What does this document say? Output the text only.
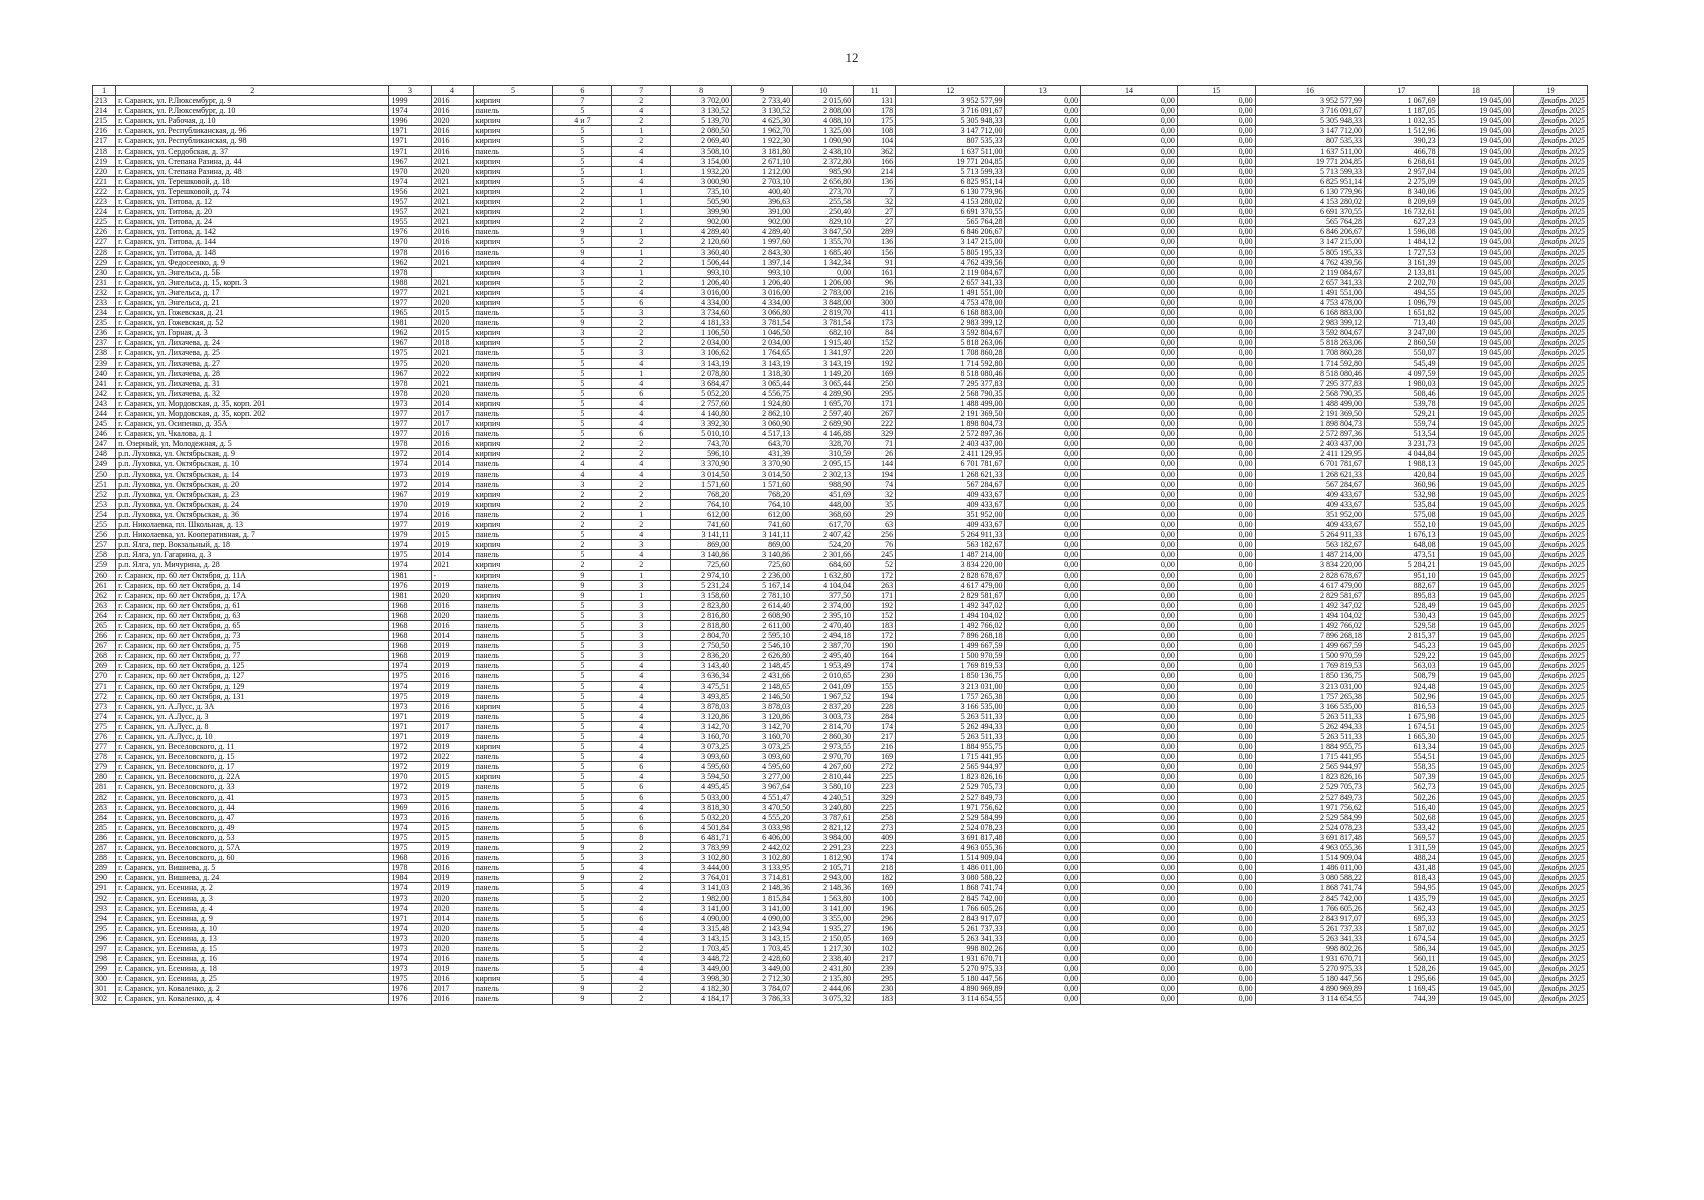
12
1	2	3	4	5	6	7	8	9	10	11	12	13	14	15	16	17	18	19
213	г. Саранск, ул. Р.Люксембург, д. 9	1999	2016	кирпич	7	2	3 702,00	2 733,40	2 015,60	131	3 952 577,99	0,00	0,00	0,00	3 952 577,99	1 067,69	19 045,00	Декабрь 2025
214	г. Саранск, ул. Р.Люксембург, д. 10	1974	2016	панель	5	4	3 130,52	3 130,52	2 808,00	178	3 716 091,67	0,00	0,00	0,00	3 716 091,67	1 187,05	19 045,00	Декабрь 2025
215	г. Саранск, ул. Рабочая, д. 10	1996	2020	кирпич	4 и 7	2	5 139,70	4 625,30	4 088,10	175	5 305 948,33	0,00	0,00	0,00	5 305 948,33	1 032,35	19 045,00	Декабрь 2025
216	г. Саранск, ул. Республиканская, д. 96	1971	2016	кирпич	5	1	2 080,50	1 962,70	1 325,00	108	3 147 712,00	0,00	0,00	0,00	3 147 712,00	1 512,96	19 045,00	Декабрь 2025
217	г. Саранск, ул. Республиканская, д. 98	1971	2016	кирпич	5	2	2 069,40	1 922,30	1 090,90	104	807 535,33	0,00	0,00	0,00	807 535,33	390,23	19 045,00	Декабрь 2025
218	г. Саранск, ул. Сердобская, д. 37	1971	2016	панель	5	4	3 508,10	3 181,80	2 438,10	362	1 637 511,00	0,00	0,00	0,00	1 637 511,00	466,78	19 045,00	Декабрь 2025
219	г. Саранск, ул. Степана Разина, д. 44	1967	2021	кирпич	5	4	3 154,00	2 671,10	2 372,80	166	19 771 204,85	0,00	0,00	0,00	19 771 204,85	6 268,61	19 045,00	Декабрь 2025
220	г. Саранск, ул. Степана Разина, д. 48	1970	2020	кирпич	5	1	1 932,20	1 212,00	985,90	214	5 713 599,33	0,00	0,00	0,00	5 713 599,33	2 957,04	19 045,00	Декабрь 2025
221	г. Саранск, ул. Терешковой, д. 18	1974	2021	кирпич	5	4	3 000,90	2 703,10	2 656,80	136	6 825 951,14	0,00	0,00	0,00	6 825 951,14	2 275,09	19 045,00	Декабрь 2025
222	г. Саранск, ул. Терешковой, д. 74	1956	2021	кирпич	2	1	735,10	400,40	273,70	7	6 130 779,96	0,00	0,00	0,00	6 130 779,96	8 340,06	19 045,00	Декабрь 2025
223	г. Саранск, ул. Титова, д. 12	1957	2021	кирпич	2	1	505,90	396,63	255,58	32	4 153 280,02	0,00	0,00	0,00	4 153 280,02	8 209,69	19 045,00	Декабрь 2025
224	г. Саранск, ул. Титова, д. 20	1957	2021	кирпич	2	1	399,90	391,00	250,40	27	6 691 370,55	0,00	0,00	0,00	6 691 370,55	16 732,61	19 045,00	Декабрь 2025
225	г. Саранск, ул. Титова, д. 24	1955	2021	кирпич	2	2	902,00	902,00	829,10	27	565 764,28	0,00	0,00	0,00	565 764,28	627,23	19 045,00	Декабрь 2025
226	г. Саранск, ул. Титова, д. 142	1976	2016	панель	9	1	4 289,40	4 289,40	3 847,50	289	6 846 206,67	0,00	0,00	0,00	6 846 206,67	1 596,08	19 045,00	Декабрь 2025
227	г. Саранск, ул. Титова, д. 144	1970	2016	кирпич	5	2	2 120,60	1 997,60	1 355,70	136	3 147 215,00	0,00	0,00	0,00	3 147 215,00	1 484,12	19 045,00	Декабрь 2025
228	г. Саранск, ул. Титова, д. 148	1978	2016	панель	9	1	3 360,40	2 843,30	1 685,40	156	5 805 195,33	0,00	0,00	0,00	5 805 195,33	1 727,53	19 045,00	Декабрь 2025
229	г. Саранск, ул. Федосеенко, д. 9	1962	2021	кирпич	4	2	1 506,44	1 397,14	1 342,34	91	4 762 439,56	0,00	0,00	0,00	4 762 439,56	3 161,39	19 045,00	Декабрь 2025
230	г. Саранск, ул. Энгельса, д. 5Б	1978		кирпич	3	1	993,10	993,10	0,00	161	2 119 084,67	0,00	0,00	0,00	2 119 084,67	2 133,81	19 045,00	Декабрь 2025
231	г. Саранск, ул. Энгельса, д. 15, корп. 3	1988	2021	кирпич	5	2	1 206,40	1 206,40	1 206,00	96	2 657 341,33	0,00	0,00	0,00	2 657 341,33	2 202,70	19 045,00	Декабрь 2025
232	г. Саранск, ул. Энгельса, д. 17	1977	2021	кирпич	5	4	3 016,00	3 016,00	2 783,00	216	1 491 551,00	0,00	0,00	0,00	1 491 551,00	494,55	19 045,00	Декабрь 2025
233	г. Саранск, ул. Энгельса, д. 21	1977	2020	кирпич	5	6	4 334,00	4 334,00	3 848,00	300	4 753 478,00	0,00	0,00	0,00	4 753 478,00	1 096,79	19 045,00	Декабрь 2025
234	г. Саранск, ул. Гожевская, д. 21	1965	2015	панель	5	3	3 734,60	3 066,80	2 819,70	411	6 168 883,00	0,00	0,00	0,00	6 168 883,00	1 651,82	19 045,00	Декабрь 2025
235	г. Саранск, ул. Гожевская, д. 52	1981	2020	панель	9	2	4 181,33	3 781,54	3 781,54	173	2 983 399,12	0,00	0,00	0,00	2 983 399,12	713,40	19 045,00	Декабрь 2025
236	г. Саранск, ул. Горная, д. 3	1962	2015	кирпич	3	2	1 106,50	1 046,50	682,10	84	3 592 804,67	0,00	0,00	0,00	3 592 804,67	3 247,00	19 045,00	Декабрь 2025
237	г. Саранск, ул. Лихачева, д. 24	1967	2018	кирпич	5	2	2 034,00	2 034,00	1 915,40	152	5 818 263,06	0,00	0,00	0,00	5 818 263,06	2 860,50	19 045,00	Декабрь 2025
238	г. Саранск, ул. Лихачева, д. 25	1975	2021	панель	5	3	3 106,62	1 764,65	1 341,97	220	1 708 860,28	0,00	0,00	0,00	1 708 860,28	550,07	19 045,00	Декабрь 2025
239	г. Саранск, ул. Лихачева, д. 27	1975	2020	панель	5	4	3 143,19	3 143,19	3 143,19	192	1 714 592,80	0,00	0,00	0,00	1 714 592,80	545,49	19 045,00	Декабрь 2025
240	г. Саранск, ул. Лихачева, д. 28	1967	2022	кирпич	5	1	2 078,80	1 318,30	1 149,20	169	8 518 080,46	0,00	0,00	0,00	8 518 080,46	4 097,59	19 045,00	Декабрь 2025
241	г. Саранск, ул. Лихачева, д. 31	1978	2021	панель	5	4	3 684,47	3 065,44	3 065,44	250	7 295 377,83	0,00	0,00	0,00	7 295 377,83	1 980,03	19 045,00	Декабрь 2025
242	г. Саранск, ул. Лихачева, д. 32	1978	2020	панель	5	6	5 052,20	4 556,75	4 289,90	295	2 568 790,35	0,00	0,00	0,00	2 568 790,35	508,46	19 045,00	Декабрь 2025
243	г. Саранск, ул. Мордовская, д. 35, корп. 201	1973	2014	кирпич	5	4	2 757,60	1 924,80	1 695,70	171	1 488 499,00	0,00	0,00	0,00	1 488 499,00	539,78	19 045,00	Декабрь 2025
244	г. Саранск, ул. Мордовская, д. 35, корп. 202	1977	2017	панель	5	4	4 140,80	2 862,10	2 597,40	267	2 191 369,50	0,00	0,00	0,00	2 191 369,50	529,21	19 045,00	Декабрь 2025
245	г. Саранск, ул. Осипенко, д. 35А	1977	2017	кирпич	5	4	3 392,30	3 060,90	2 689,90	222	1 898 804,73	0,00	0,00	0,00	1 898 804,73	559,74	19 045,00	Декабрь 2025
246	г. Саранск, ул. Чкалова, д. 1	1977	2016	панель	5	6	5 010,10	4 517,13	4 146,88	329	2 572 897,36	0,00	0,00	0,00	2 572 897,36	513,54	19 045,00	Декабрь 2025
247	п. Озерный, ул. Молодежная, д. 5	1978	2016	кирпич	2	2	743,70	643,70	328,70	71	2 403 437,00	0,00	0,00	0,00	2 403 437,00	3 231,73	19 045,00	Декабрь 2025
248	р.п. Луховка, ул. Октябрьская, д. 9	1972	2014	кирпич	2	2	596,10	431,39	310,59	26	2 411 129,95	0,00	0,00	0,00	2 411 129,95	4 044,84	19 045,00	Декабрь 2025
249	р.п. Луховка, ул. Октябрьская, д. 10	1974	2014	панель	4	4	3 370,90	3 370,90	2 095,15	144	6 701 781,67	0,00	0,00	0,00	6 701 781,67	1 988,13	19 045,00	Декабрь 2025
250	р.п. Луховка, ул. Октябрьская, д. 14	1973	2019	панель	4	4	3 014,50	3 014,50	2 302,13	194	1 268 621,33	0,00	0,00	0,00	1 268 621,33	420,84	19 045,00	Декабрь 2025
251	р.п. Луховка, ул. Октябрьская, д. 20	1972	2014	панель	3	2	1 571,60	1 571,60	988,90	74	567 284,67	0,00	0,00	0,00	567 284,67	360,96	19 045,00	Декабрь 2025
252	р.п. Луховка, ул. Октябрьская, д. 23	1967	2019	кирпич	2	2	768,20	768,20	451,69	32	409 433,67	0,00	0,00	0,00	409 433,67	532,98	19 045,00	Декабрь 2025
253	р.п. Луховка, ул. Октябрьская, д. 24	1970	2019	кирпич	2	2	764,10	764,10	448,00	35	409 433,67	0,00	0,00	0,00	409 433,67	535,84	19 045,00	Декабрь 2025
254	р.п. Луховка, ул. Октябрьская, д. 36	1974	2016	панель	2	1	612,00	612,00	368,60	29	351 952,00	0,00	0,00	0,00	351 952,00	575,08	19 045,00	Декабрь 2025
255	р.п. Николаевка, пл. Школьная, д. 13	1977	2019	кирпич	2	2	741,60	741,60	617,70	63	409 433,67	0,00	0,00	0,00	409 433,67	552,10	19 045,00	Декабрь 2025
256	р.п. Николаевка, ул. Кооперативная, д. 7	1979	2015	панель	5	4	3 141,11	3 141,11	2 407,42	256	5 264 911,33	0,00	0,00	0,00	5 264 911,33	1 676,13	19 045,00	Декабрь 2025
257	р.п. Ялга, пер. Вокзальный, д. 18	1974	2019	кирпич	2	3	869,00	869,00	524,20	76	563 182,67	0,00	0,00	0,00	563 182,67	648,08	19 045,00	Декабрь 2025
258	р.п. Ялга, ул. Гагарина, д. 3	1975	2014	панель	5	4	3 140,86	3 140,86	2 301,66	245	1 487 214,00	0,00	0,00	0,00	1 487 214,00	473,51	19 045,00	Декабрь 2025
259	р.п. Ялга, ул. Мичурина, д. 28	1974	2021	кирпич	2	2	725,60	725,60	684,60	52	3 834 220,00	0,00	0,00	0,00	3 834 220,00	5 284,21	19 045,00	Декабрь 2025
260	г. Саранск, пр. 60 лет Октября, д. 11А	1981	-	кирпич	9	1	2 974,10	2 236,00	1 632,80	172	2 828 678,67	0,00	0,00	0,00	2 828 678,67	951,10	19 045,00	Декабрь 2025
261	г. Саранск, пр. 60 лет Октября, д. 14	1976	2019	панель	9	3	5 231,24	5 167,14	4 104,04	263	4 617 479,00	0,00	0,00	0,00	4 617 479,00	882,67	19 045,00	Декабрь 2025
262	г. Саранск, пр. 60 лет Октября, д. 17А	1981	2020	кирпич	9	1	3 158,60	2 781,10	377,50	171	2 829 581,67	0,00	0,00	0,00	2 829 581,67	895,83	19 045,00	Декабрь 2025
263	г. Саранск, пр. 60 лет Октября, д. 61	1968	2016	панель	5	3	2 823,80	2 614,40	2 374,00	192	1 492 347,02	0,00	0,00	0,00	1 492 347,02	528,49	19 045,00	Декабрь 2025
264	г. Саранск, пр. 60 лет Октября, д. 63	1968	2020	панель	5	3	2 816,80	2 608,90	2 395,10	152	1 494 104,02	0,00	0,00	0,00	1 494 104,02	530,43	19 045,00	Декабрь 2025
265	г. Саранск, пр. 60 лет Октября, д. 65	1968	2016	панель	5	3	2 818,80	2 611,00	2 470,40	183	1 492 766,02	0,00	0,00	0,00	1 492 766,02	529,58	19 045,00	Декабрь 2025
266	г. Саранск, пр. 60 лет Октября, д. 73	1968	2014	панель	5	3	2 804,70	2 595,10	2 494,18	172	7 896 268,18	0,00	0,00	0,00	7 896 268,18	2 815,37	19 045,00	Декабрь 2025
267	г. Саранск, пр. 60 лет Октября, д. 75	1968	2019	панель	5	3	2 750,50	2 546,10	2 387,70	190	1 499 667,59	0,00	0,00	0,00	1 499 667,59	545,23	19 045,00	Декабрь 2025
268	г. Саранск, пр. 60 лет Октября, д. 77	1968	2019	панель	5	3	2 836,20	2 626,80	2 495,40	164	1 500 970,59	0,00	0,00	0,00	1 500 970,59	529,22	19 045,00	Декабрь 2025
269	г. Саранск, пр. 60 лет Октября, д. 125	1974	2019	панель	5	4	3 143,40	2 148,45	1 953,49	174	1 769 819,53	0,00	0,00	0,00	1 769 819,53	563,03	19 045,00	Декабрь 2025
270	г. Саранск, пр. 60 лет Октября, д. 127	1975	2016	панель	5	4	3 636,34	2 431,66	2 010,65	230	1 850 136,75	0,00	0,00	0,00	1 850 136,75	508,79	19 045,00	Декабрь 2025
271	г. Саранск, пр. 60 лет Октября, д. 129	1974	2019	панель	5	4	3 475,51	2 148,65	2 041,09	155	3 213 031,00	0,00	0,00	0,00	3 213 031,00	924,48	19 045,00	Декабрь 2025
272	г. Саранск, пр. 60 лет Октября, д. 131	1975	2019	панель	5	4	3 493,85	2 146,50	1 967,52	194	1 757 265,38	0,00	0,00	0,00	1 757 265,38	502,96	19 045,00	Декабрь 2025
273	г. Саранск, ул. А.Лусс, д. 3А	1973	2016	кирпич	5	4	3 878,03	3 878,03	2 837,20	228	3 166 535,00	0,00	0,00	0,00	3 166 535,00	816,53	19 045,00	Декабрь 2025
274	г. Саранск, ул. А.Лусс, д. 3	1971	2019	панель	5	4	3 120,86	3 120,86	3 003,73	284	5 263 511,33	0,00	0,00	0,00	5 263 511,33	1 675,98	19 045,00	Декабрь 2025
275	г. Саранск, ул. А.Лусс, д. 8	1971	2017	панель	5	4	3 142,70	3 142,70	2 814,70	174	5 262 494,33	0,00	0,00	0,00	5 262 494,33	1 674,51	19 045,00	Декабрь 2025
276	г. Саранск, ул. А.Лусс, д. 10	1971	2019	панель	5	4	3 160,70	3 160,70	2 860,30	217	5 263 511,33	0,00	0,00	0,00	5 263 511,33	1 665,30	19 045,00	Декабрь 2025
277	г. Саранск, ул. Веселовского, д. 11	1972	2019	кирпич	5	4	3 073,25	3 073,25	2 973,55	216	1 884 955,75	0,00	0,00	0,00	1 884 955,75	613,34	19 045,00	Декабрь 2025
278	г. Саранск, ул. Веселовского, д. 15	1972	2022	панель	5	4	3 093,60	3 093,60	2 970,70	169	1 715 441,95	0,00	0,00	0,00	1 715 441,95	554,51	19 045,00	Декабрь 2025
279	г. Саранск, ул. Веселовского, д. 17	1972	2019	панель	5	6	4 595,60	4 595,60	4 267,60	272	2 565 944,97	0,00	0,00	0,00	2 565 944,97	558,35	19 045,00	Декабрь 2025
280	г. Саранск, ул. Веселовского, д. 22А	1970	2015	кирпич	5	4	3 594,50	3 277,00	2 810,44	225	1 823 826,16	0,00	0,00	0,00	1 823 826,16	507,39	19 045,00	Декабрь 2025
281	г. Саранск, ул. Веселовского, д. 33	1972	2019	панель	5	6	4 495,45	3 967,64	3 580,10	223	2 529 705,73	0,00	0,00	0,00	2 529 705,73	562,73	19 045,00	Декабрь 2025
282	г. Саранск, ул. Веселовского, д. 41	1973	2015	панель	5	6	5 033,00	4 551,47	4 240,51	329	2 527 849,73	0,00	0,00	0,00	2 527 849,73	502,26	19 045,00	Декабрь 2025
283	г. Саранск, ул. Веселовского, д. 44	1969	2016	панель	5	4	3 818,30	3 470,50	3 240,80	225	1 971 756,62	0,00	0,00	0,00	1 971 756,62	516,40	19 045,00	Декабрь 2025
284	г. Саранск, ул. Веселовского, д. 47	1973	2016	панель	5	6	5 032,20	4 555,20	3 787,61	258	2 529 584,99	0,00	0,00	0,00	2 529 584,99	502,68	19 045,00	Декабрь 2025
285	г. Саранск, ул. Веселовского, д. 49	1974	2015	панель	5	6	4 501,84	3 033,98	2 821,12	273	2 524 078,23	0,00	0,00	0,00	2 524 078,23	533,42	19 045,00	Декабрь 2025
286	г. Саранск, ул. Веселовского, д. 53	1975	2015	панель	5	8	6 481,71	6 406,00	3 984,00	409	3 691 817,48	0,00	0,00	0,00	3 691 817,48	569,57	19 045,00	Декабрь 2025
287	г. Саранск, ул. Веселовского, д. 57А	1975	2019	панель	9	2	3 783,99	2 442,02	2 291,23	223	4 963 055,36	0,00	0,00	0,00	4 963 055,36	1 311,59	19 045,00	Декабрь 2025
288	г. Саранск, ул. Веселовского, д. 60	1968	2016	панель	5	3	3 102,80	3 102,80	1 812,90	174	1 514 909,04	0,00	0,00	0,00	1 514 909,04	488,24	19 045,00	Декабрь 2025
289	г. Саранск, ул. Вишнева, д. 5	1978	2016	панель	5	4	3 444,00	3 133,95	2 105,71	218	1 486 011,00	0,00	0,00	0,00	1 486 011,00	431,48	19 045,00	Декабрь 2025
290	г. Саранск, ул. Вишнева, д. 24	1984	2019	панель	9	2	3 764,01	3 714,81	2 943,00	182	3 080 588,22	0,00	0,00	0,00	3 080 588,22	818,43	19 045,00	Декабрь 2025
291	г. Саранск, ул. Есенина, д. 2	1974	2019	панель	5	4	3 141,03	2 148,36	2 148,36	169	1 868 741,74	0,00	0,00	0,00	1 868 741,74	594,95	19 045,00	Декабрь 2025
292	г. Саранск, ул. Есенина, д. 3	1973	2020	панель	5	2	1 982,00	1 815,84	1 563,80	100	2 845 742,00	0,00	0,00	0,00	2 845 742,00	1 435,79	19 045,00	Декабрь 2025
293	г. Саранск, ул. Есенина, д. 4	1974	2020	панель	5	4	3 141,00	3 141,00	3 141,00	196	1 766 605,26	0,00	0,00	0,00	1 766 605,26	562,43	19 045,00	Декабрь 2025
294	г. Саранск, ул. Есенина, д. 9	1971	2014	панель	5	6	4 090,00	4 090,00	3 355,00	296	2 843 917,07	0,00	0,00	0,00	2 843 917,07	695,33	19 045,00	Декабрь 2025
295	г. Саранск, ул. Есенина, д. 10	1974	2020	панель	5	4	3 315,48	2 143,94	1 935,27	196	5 261 737,33	0,00	0,00	0,00	5 261 737,33	1 587,02	19 045,00	Декабрь 2025
296	г. Саранск, ул. Есенина, д. 13	1973	2020	панель	5	4	3 143,15	3 143,15	2 150,05	169	5 263 341,33	0,00	0,00	0,00	5 263 341,33	1 674,54	19 045,00	Декабрь 2025
297	г. Саранск, ул. Есенина, д. 15	1973	2020	панель	5	2	1 703,45	1 703,45	1 217,30	102	998 802,26	0,00	0,00	0,00	998 802,26	586,34	19 045,00	Декабрь 2025
298	г. Саранск, ул. Есенина, д. 16	1974	2016	панель	5	4	3 448,72	2 428,60	2 338,40	217	1 931 670,71	0,00	0,00	0,00	1 931 670,71	560,11	19 045,00	Декабрь 2025
299	г. Саранск, ул. Есенина, д. 18	1973	2019	панель	5	4	3 449,00	3 449,00	2 431,80	239	5 270 975,33	0,00	0,00	0,00	5 270 975,33	1 528,26	19 045,00	Декабрь 2025
300	г. Саранск, ул. Есенина, д. 25	1975	2016	кирпич	5	4	3 998,30	2 712,30	2 135,80	295	5 180 447,56	0,00	0,00	0,00	5 180 447,56	1 295,66	19 045,00	Декабрь 2025
301	г. Саранск, ул. Коваленко, д. 2	1976	2017	панель	9	2	4 182,30	3 784,07	2 444,06	230	4 890 969,89	0,00	0,00	0,00	4 890 969,89	1 169,45	19 045,00	Декабрь 2025
302	г. Саранск, ул. Коваленко, д. 4	1976	2016	панель	9	2	4 184,17	3 786,33	3 075,32	183	3 114 654,55	0,00	0,00	0,00	3 114 654,55	744,39	19 045,00	Декабрь 2025
